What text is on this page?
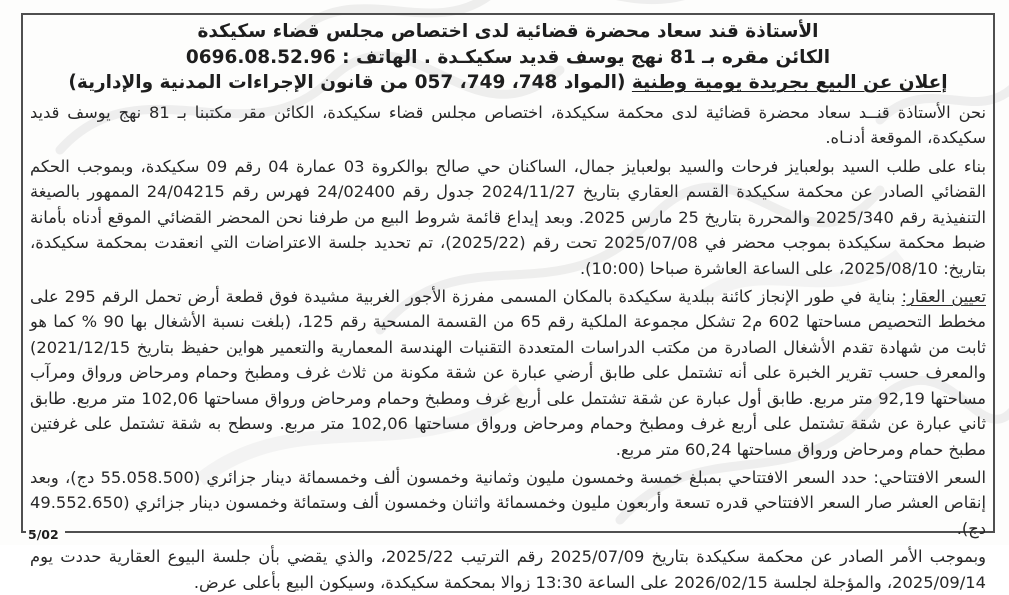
الأستاذة قند سعاد محضرة قضائية لدى اختصاص مجلس قضاء سكيكدة
الكائن مقره بـ 81 نهج يوسف قديد سكيكـدة . الهاتف : 0696.08.52.96
إعلان عن البيع بجريدة يومية وطنية (المواد 748، 749، 057 من قانون الإجراءات المدنية والإدارية)

نحن الأستاذة قنــد سعاد محضرة قضائية لدى محكمة سكيكدة، اختصاص مجلس قضاء سكيكدة، الكائن مقر مكتبنا بـ 81 نهج يوسف قديد سكيكدة، الموقعة أدنـاه.

بناء على طلب السيد بولعبايز فرحات والسيد بولعبايز جمال، الساكنان حي صالح بوالكروة 03 عمارة 04 رقم 09 سكيكدة، وبموجب الحكم القضائي الصادر عن محكمة سكيكدة القسم العقاري بتاريخ 2024/11/27 جدول رقم 24/02400 فهرس رقم 24/04215 الممهور بالصيغة التنفيذية رقم 2025/340 والمحررة بتاريخ 25 مارس 2025. وبعد إيداع قائمة شروط البيع من طرفنا نحن المحضر القضائي الموقع أدناه بأمانة ضبط محكمة سكيكدة بموجب محضر في 2025/07/08 تحت رقم (2025/22)، تم تحديد جلسة الاعتراضات التي انعقدت بمحكمة سكيكدة، بتاريخ: 2025/08/10، على الساعة العاشرة صباحا (10:00).

تعيين العقار: بناية في طور الإنجاز كائنة ببلدية سكيكدة بالمكان المسمى مفرزة الأجور الغربية مشيدة فوق قطعة أرض تحمل الرقم 295 على مخطط التحصيص مساحتها 602 م2 تشكل مجموعة الملكية رقم 65 من القسمة المسحية رقم 125، (بلغت نسبة الأشغال بها 90 % كما هو ثابت من شهادة تقدم الأشغال الصادرة من مكتب الدراسات المتعددة التقنيات الهندسة المعمارية والتعمير هواين حفيظ بتاريخ 2021/12/15) والمعرف حسب تقرير الخبرة على أنه تشتمل على طابق أرضي عبارة عن شقة مكونة من ثلاث غرف ومطبخ وحمام ومرحاض ورواق ومرآب مساحتها 92,19 متر مربع. طابق أول عبارة عن شقة تشتمل على أربع غرف ومطبخ وحمام ومرحاض ورواق مساحتها 102,06 متر مربع. طابق ثاني عبارة عن شقة تشتمل على أربع غرف ومطبخ وحمام ومرحاض ورواق مساحتها 102,06 متر مربع. وسطح به شقة تشتمل على غرفتين مطبخ حمام ومرحاض ورواق مساحتها 60,24 متر مربع.

السعر الافتتاحي: حدد السعر الافتتاحي بمبلغ خمسة وخمسون مليون وثمانية وخمسون ألف وخمسمائة دينار جزائري (55.058.500 دج)، وبعد إنقاص العشر صار السعر الافتتاحي قدره تسعة وأربعون مليون وخمسمائة واثنان وخمسون ألف وستمائة وخمسون دينار جزائري (49.552.650 دج).

وبموجب الأمر الصادر عن محكمة سكيكدة بتاريخ 2025/07/09 رقم الترتيب 2025/22، والذي يقضي بأن جلسة البيوع العقارية حددت يوم 2025/09/14، والمؤجلة لجلسة 2026/02/15 على الساعة 13:30 زوالا بمحكمة سكيكدة، وسيكون البيع بأعلى عرض.

5/02
